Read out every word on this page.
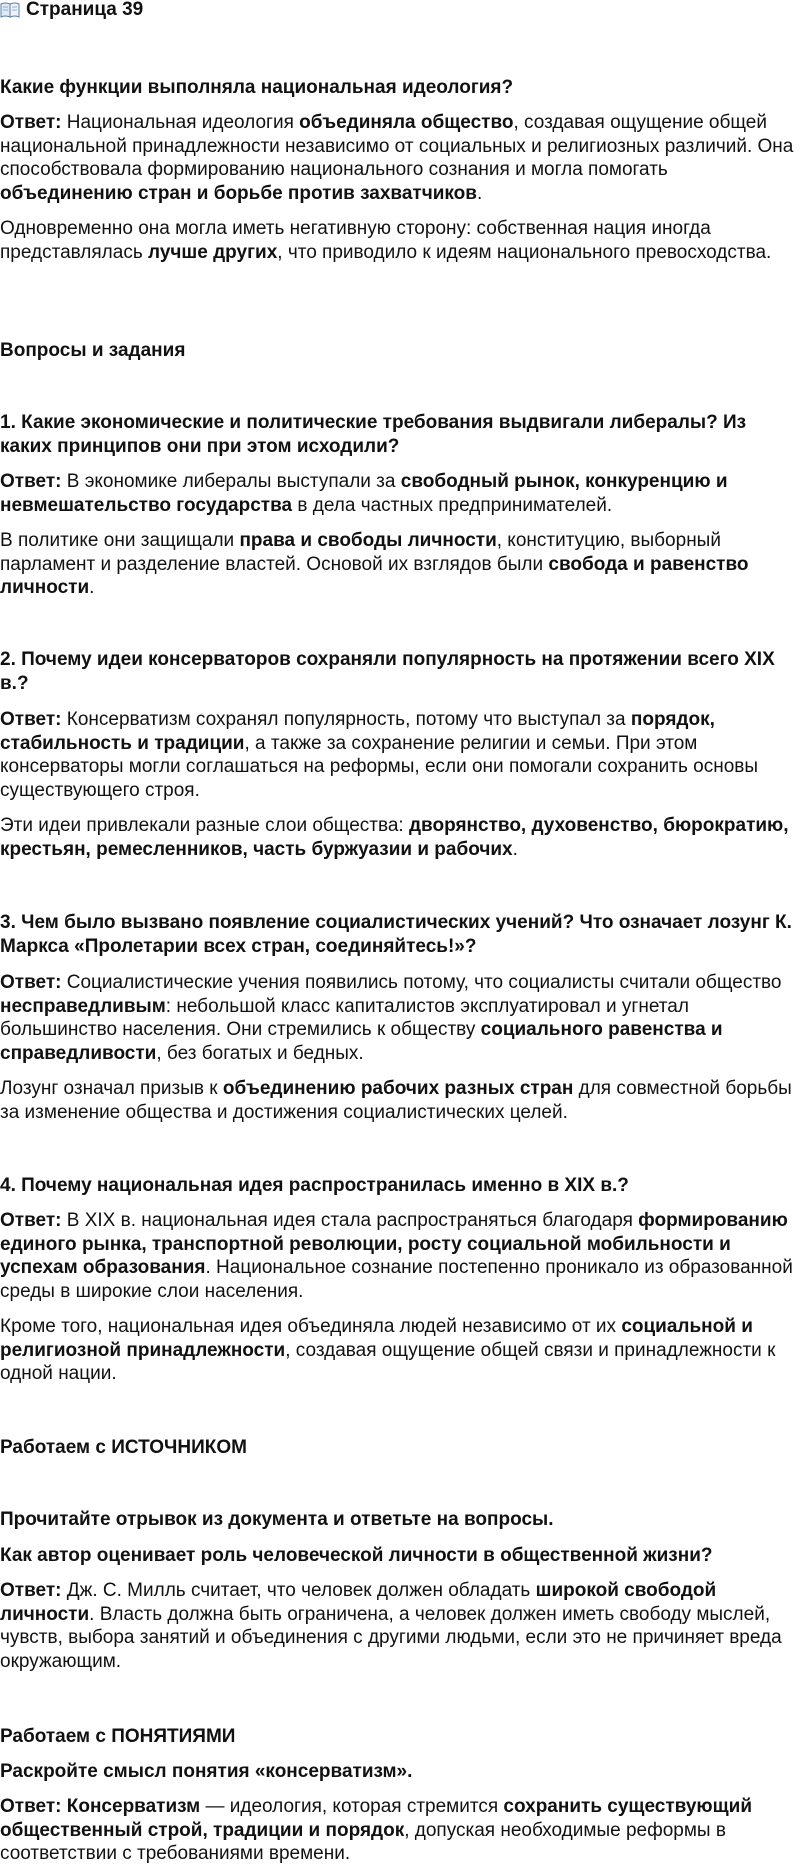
Страница 39

Какие функции выполняла национальная идеология?

Ответ: Национальная идеология объединяла общество, создавая ощущение общей национальной принадлежности независимо от социальных и религиозных различий. Она способствовала формированию национального сознания и могла помогать объединению стран и борьбе против захватчиков.

Одновременно она могла иметь негативную сторону: собственная нация иногда представлялась лучше других, что приводило к идеям национального превосходства.

Вопросы и задания

1. Какие экономические и политические требования выдвигали либералы? Из каких принципов они при этом исходили?

Ответ: В экономике либералы выступали за свободный рынок, конкуренцию и невмешательство государства в дела частных предпринимателей.

В политике они защищали права и свободы личности, конституцию, выборный парламент и разделение властей. Основой их взглядов были свобода и равенство личности.

2. Почему идеи консерваторов сохраняли популярность на протяжении всего XIX в.?

Ответ: Консерватизм сохранял популярность, потому что выступал за порядок, стабильность и традиции, а также за сохранение религии и семьи. При этом консерваторы могли соглашаться на реформы, если они помогали сохранить основы существующего строя.

Эти идеи привлекали разные слои общества: дворянство, духовенство, бюрократию, крестьян, ремесленников, часть буржуазии и рабочих.

3. Чем было вызвано появление социалистических учений? Что означает лозунг К. Маркса «Пролетарии всех стран, соединяйтесь!»?

Ответ: Социалистические учения появились потому, что социалисты считали общество несправедливым: небольшой класс капиталистов эксплуатировал и угнетал большинство населения. Они стремились к обществу социального равенства и справедливости, без богатых и бедных.

Лозунг означал призыв к объединению рабочих разных стран для совместной борьбы за изменение общества и достижения социалистических целей.

4. Почему национальная идея распространилась именно в XIX в.?

Ответ: В XIX в. национальная идея стала распространяться благодаря формированию единого рынка, транспортной революции, росту социальной мобильности и успехам образования. Национальное сознание постепенно проникало из образованной среды в широкие слои населения.

Кроме того, национальная идея объединяла людей независимо от их социальной и религиозной принадлежности, создавая ощущение общей связи и принадлежности к одной нации.

Работаем с ИСТОЧНИКОМ

Прочитайте отрывок из документа и ответьте на вопросы.

Как автор оценивает роль человеческой личности в общественной жизни?

Ответ: Дж. С. Милль считает, что человек должен обладать широкой свободой личности. Власть должна быть ограничена, а человек должен иметь свободу мыслей, чувств, выбора занятий и объединения с другими людьми, если это не причиняет вреда окружающим.

Работаем с ПОНЯТИЯМИ

Раскройте смысл понятия «консерватизм».

Ответ: Консерватизм — идеология, которая стремится сохранить существующий общественный строй, традиции и порядок, допуская необходимые реформы в соответствии с требованиями времени.
